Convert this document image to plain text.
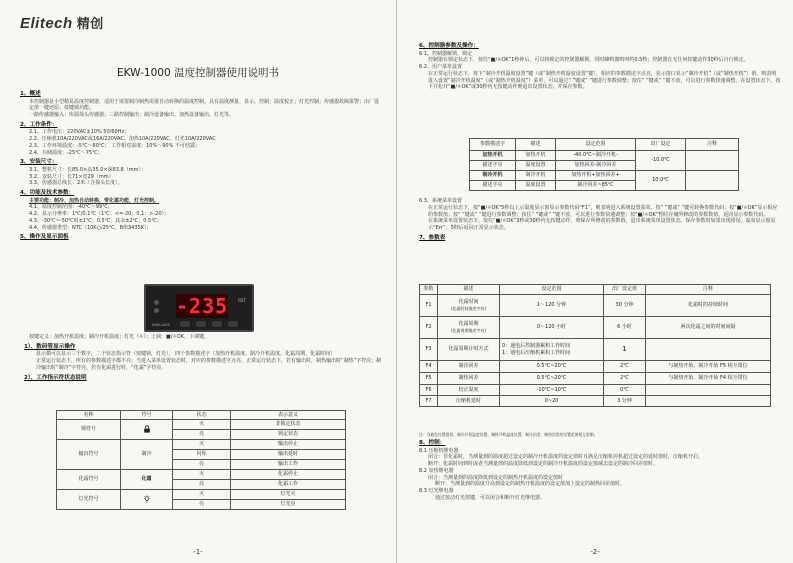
Elitech 精创
EKW-1000 温度控制器使用说明书
1、概述
本控制器是小型精易温度控制器，适用于需要制冷制热需要自动转换的温度控制。具有温度测量、显示、控制；温度校正；灯光控制；传感器故障报警；出厂设定值一键还原；按键锁功能。
一路传感器输入：库温探头传感器；三路控制输出：制冷设备输出、加热设备输出、灯光等。
2、工作条件：
2.1、工作电压：220VAC±10% 50/60Hz；
2.2、压缩机10A/220VAC或16A/220VAC、加热10A/220VAC、灯光10A/220VAC
2.3、工作环境温度：-5℃～60℃； 工作相对湿度：10%～90% 不可结露；
2.4、存储温度：-25℃～75℃；
3、安装尺寸：
3.1、整机尺寸：长85.0×高35.0×深63.8（mm）；
3.2、安装尺寸：长71×宽29（mm）
3.3、传感器总线长：2米（含探头长度）。
4、功能及技术参数：
主要功能：制冷、加热自动转换，带化霜功能，灯光控制。
4.1、温度控制范围：-40℃～99℃；
4.2、显示分辨率：1℃/0.1℃（1℃：<=-20；0.1：>-20）；
4.3、-30℃~-50℃时±1℃；0.5℃，其余±2℃；0.5℃；
4.4、传感器类型：NTC（10K○/25℃，B值3435K）；
5、操作及显示面板
-235	RST
EKW-1000
按键定义：加热开机温度；制冷开机温度；灯光（☼）；上调：■/☼OK，下调键。
1）、数码管显示操作
显示模可以显示三个数字，二个状态指示符（按键锁，灯光）， 四个参数描述字（加热开机温度、制冷开机温度、化霜周期、化霜时间）
正常运行状态下，所有的参数描述字都不亮；当进入菜单设置状态时，对应的参数描述字点亮。正常运行状态下，若有输出时，制热输出时“制热”字符亮；制冷输出时“制冷”字符亮，若有化霜进行时，“化霜”字符亮。
2）、工作指示符状态说明
名称	符号	状态	表示意义
锁符号		灭	非锁定状态
		亮	锁定状态
输出符号	制冷	灭	输出停止
		闪烁	输出延时
		亮	输出工作
化霜符号	化霜	灭	化霜停止
		亮	化霜工作
灯光符号		灭	灯光灭
		亮	灯光亮
-1-
6、控制器参数及操作：
6.1、控制器解锁、锁定
控制器在锁定状态下，按住“■/☼OK”1秒钟后，可以将锁定的控制器解锁，同时蜂鸣器鸣叫约0.5秒；控制器在无任何按键动作30秒后自行锁定。
6.2、用户菜单设置
在正常运行状态下，按下“制冷开机温度设置”键（或“制热开机温度设置”键），相应的参数描述字点亮，显示窗口显示“制冷开机”（或“制热开机”）值，则表明进入设置“制冷开机温度”（或“制热开机温度”）菜单，可以通过“ ”键或“ ”键进行参数调整；按住“ ”键或“ ”键不放，可以进行参数快速调整。在设置状态下，按下并松开“■/☼OK”或30秒内无按键动作则退出设置状态，并保存参数。
参数描述字	描述	设定范围	出厂设定	注释
加热开机	加热开机	-40.0℃~制冷开机-	-10.0℃	
描述字亮	温度设置	加热回差-制冷回差		
制冷开机	制冷开机	加热开机+加热回差+	10.0℃	
描述字亮	温度设置	制冷回差~85℃		
6.3、系统菜单设置
在正常运行状态下，按“■/☼OK”5秒以上示温度显示窗显示参数代码“F1”，则表明进入系统设置菜单。按“ ”键或“ ”键可转换参数代码；按“■/☼OK”显示相应的参数值；按“ ”键或“ ”键进行参数调整；按住“ ”键或“ ”键不放，可以进行参数快速调整；按“■/☼OK”暂时存储所修改的参数数值，返回显示参数代码。
在系统菜单设置状态下，按住“■/☼OK”3秒或30秒内无按键动作，则保存所修改的参数值，退出系统菜单设置状态，保存参数时如果出现错误，温度显示窗显示“Err”，5秒后返回正常显示状态。
7、参数表
参数	描述	设定范围	出厂设定值	注释
F1	化霜时间
(化霜时间描述字亮)	1～120 分钟	30 分钟	化霜时的持续时间
F2	化霜周期
(化霜周期描述字亮)	0～120 小时	6 小时	两次化霜之间的时间间隔
F3	化霜周期计时方式	0：通电后控制器累积工作时间
1：通电后压缩机累积工作时间	1	
F4	制冷回差	0.5℃~20℃	2℃	与制热开始、制冷开始 F5 相互钳位
F5	制热回差	0.5℃~20℃	2℃	与制热开始、制冷开始 F4 相互钳位
F6	校正温度	-10℃~10℃	0℃	
F7	压缩机延时	0~20	3 分钟	
注：为避免设置错误，制冷开机温度设置、制热开机温度设置、制冷回差、制热回差的设置范围相互钳制。
8、控制：
8.1 压缩机继电器
闭合：非化霜时，当测量到的温度超过设定的制冷开机温度的设定值时且满足压缩机停机超过设定的延时值时，压缩机开启。
断开：化霜时间到时或者当测量到的温度降低到设定的制冷开机温度的设定值减去设定的制冷回差值时。
8.2 加热继电器
闭合：当测量到的温度降低到设定的制热开机温度的设定值时
断开：当测量到的温度升高到设定的制热开机温度的设定值加上设定的制热回差值时。
8.3 灯光继电器
通过按动灯光按键，可以闭合和断开灯光继电器。
-2-
